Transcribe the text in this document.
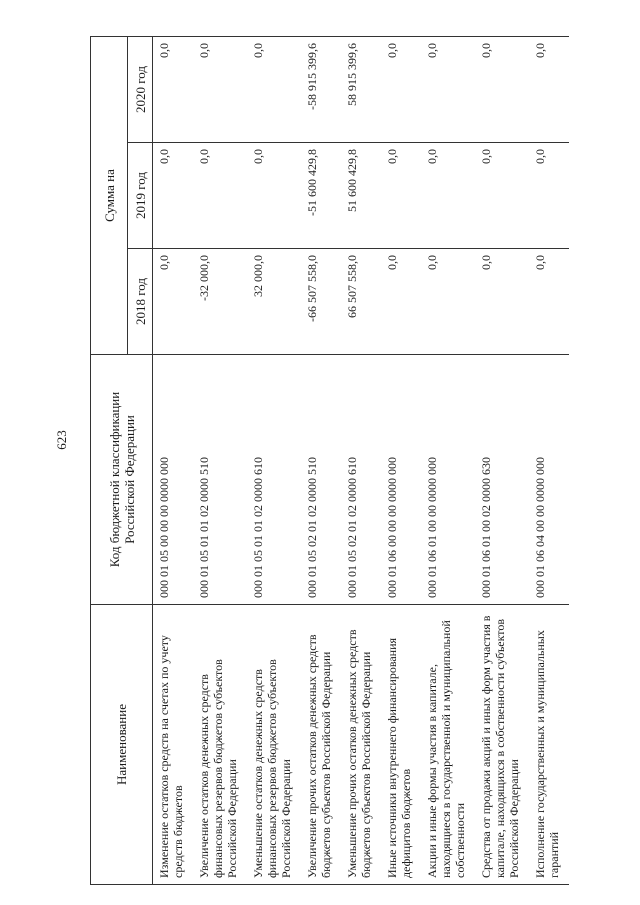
623
Наименование	Код бюджетной классификации Российской Федерации	Сумма на		
		2018 год	2019 год	2020 год
Изменение остатков средств на счетах по учету средств бюджетов	000 01 05 00 00 00 0000 000	0,0	0,0	0,0
Увеличение остатков денежных средств финансовых резервов бюджетов субъектов Российской Федерации	000 01 05 01 01 02 0000 510	-32 000,0	0,0	0,0
Уменьшение остатков денежных средств финансовых резервов бюджетов субъектов Российской Федерации	000 01 05 01 01 02 0000 610	32 000,0	0,0	0,0
Увеличение прочих остатков денежных средств бюджетов субъектов Российской Федерации	000 01 05 02 01 02 0000 510	-66 507 558,0	-51 600 429,8	-58 915 399,6
Уменьшение прочих остатков денежных средств бюджетов субъектов Российской Федерации	000 01 05 02 01 02 0000 610	66 507 558,0	51 600 429,8	58 915 399,6
Иные источники внутреннего финансирования дефицитов бюджетов	000 01 06 00 00 00 0000 000	0,0	0,0	0,0
Акции и иные формы участия в капитале, находящиеся в государственной и муниципальной собственности	000 01 06 01 00 00 0000 000	0,0	0,0	0,0
Средства от продажи акций и иных форм участия в капитале, находящихся в собственности субъектов Российской Федерации	000 01 06 01 00 02 0000 630	0,0	0,0	0,0
Исполнение государственных и муниципальных гарантий	000 01 06 04 00 00 0000 000	0,0	0,0	0,0
